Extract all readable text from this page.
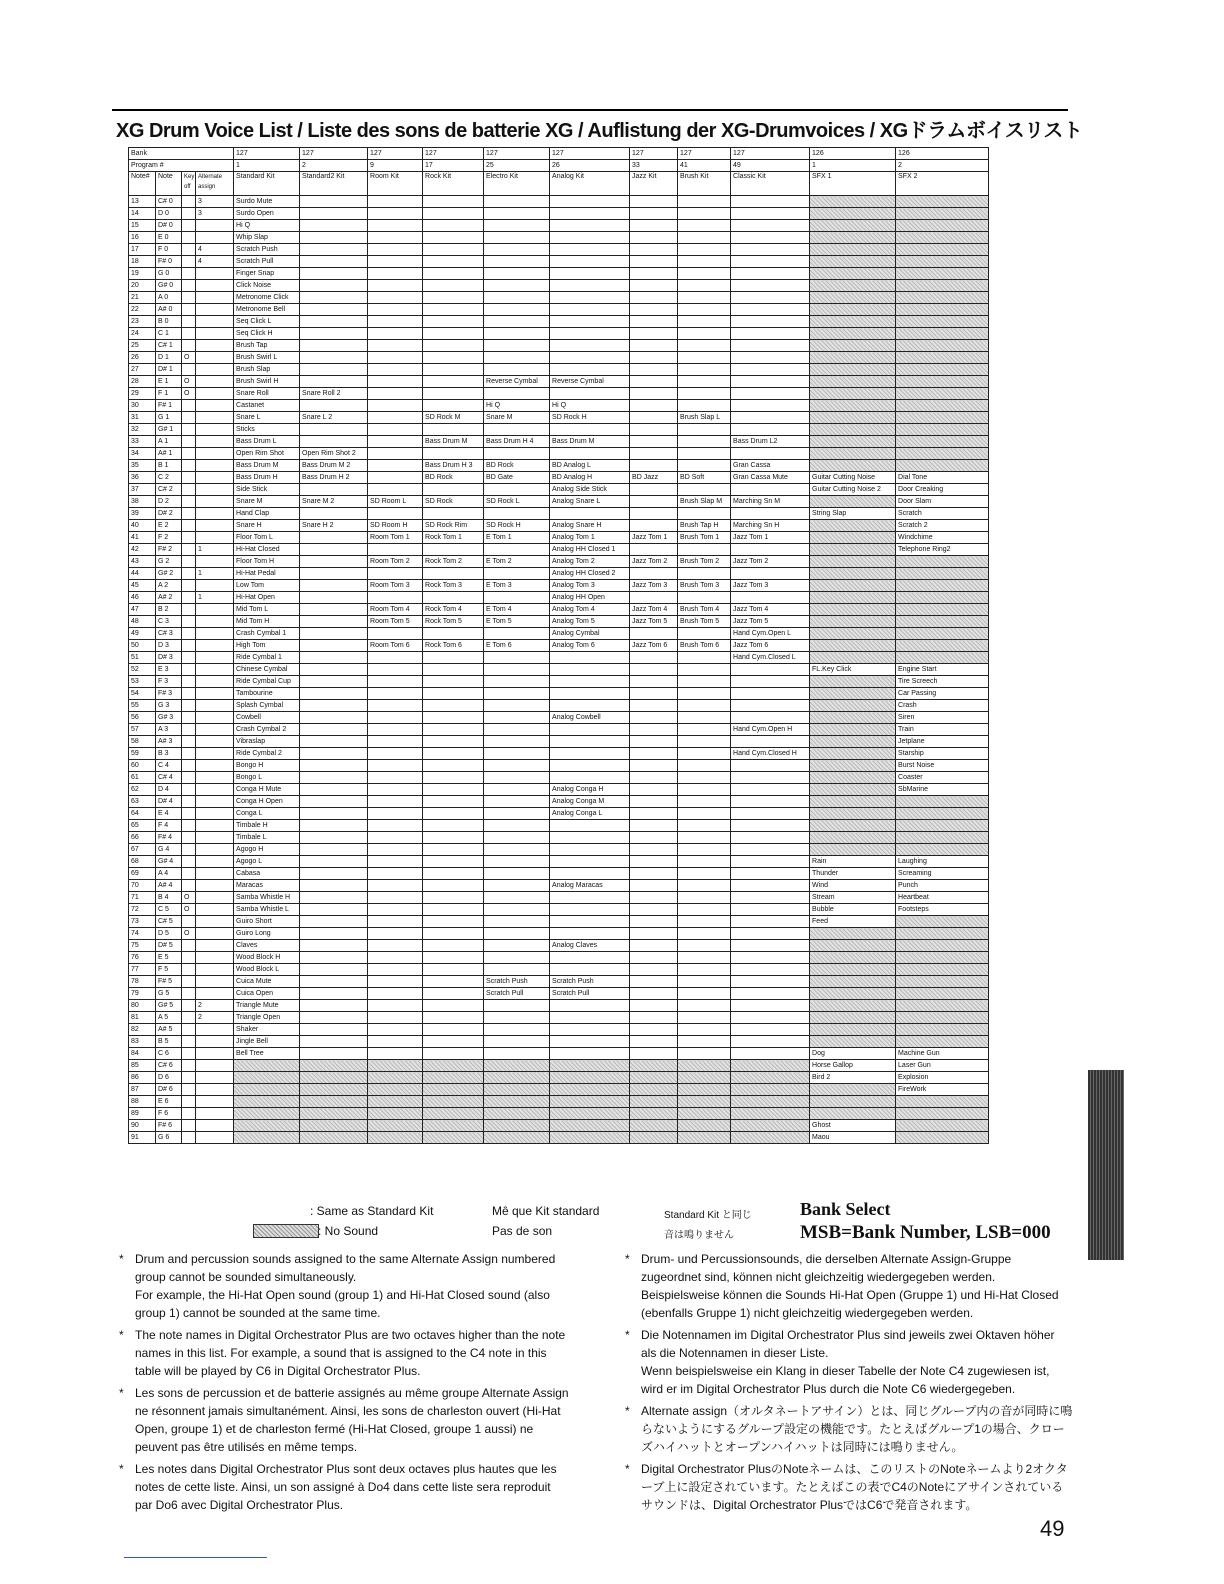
XG Drum Voice List / Liste des sons de batterie XG / Auflistung der XG-Drumvoices / XGドラムボイスリスト
Bank				127	127	127	127	127	127	127	127	127	126	126
Program #				1	2	9	17	25	26	33	41	49	1	2
Note#	Note	Key off	Alternate assign	Standard Kit	Standard2 Kit	Room Kit	Rock Kit	Electro Kit	Analog Kit	Jazz Kit	Brush Kit	Classic Kit	SFX 1	SFX 2
13	C# 0		3	Surdo Mute										
14	D 0		3	Surdo Open										
15	D# 0			Hi Q										
16	E 0			Whip Slap										
17	F 0		4	Scratch Push										
18	F# 0		4	Scratch Pull										
19	G 0			Finger Snap										
20	G# 0			Click Noise										
21	A 0			Metronome Click										
22	A# 0			Metronome Bell										
23	B 0			Seq Click L										
24	C 1			Seq Click H										
25	C# 1			Brush Tap										
26	D 1	O		Brush Swirl L										
27	D# 1			Brush Slap										
28	E 1	O		Brush Swirl H				Reverse Cymbal	Reverse Cymbal					
29	F 1	O		Snare Roll	Snare Roll 2									
30	F# 1			Castanet				Hi Q	Hi Q					
31	G 1			Snare L	Snare L 2		SD Rock M	Snare M	SD Rock H		Brush Slap L			
32	G# 1			Sticks										
33	A 1			Bass Drum L			Bass Drum M	Bass Drum H 4	Bass Drum M			Bass Drum L2		
34	A# 1			Open Rim Shot	Open Rim Shot 2									
35	B 1			Bass Drum M	Bass Drum M 2		Bass Drum H 3	BD Rock	BD Analog L			Gran Cassa		
36	C 2			Bass Drum H	Bass Drum H 2		BD Rock	BD Gate	BD Analog H	BD Jazz	BD Soft	Gran Cassa Mute	Guitar Cutting Noise	Dial Tone
37	C# 2			Side Stick					Analog Side Stick				Guitar Cutting Noise 2	Door Creaking
38	D 2			Snare M	Snare M 2	SD Room L	SD Rock	SD Rock L	Analog Snare L		Brush Slap M	Marching Sn M		Door Slam
39	D# 2			Hand Clap									String Slap	Scratch
40	E 2			Snare H	Snare H 2	SD Room H	SD Rock Rim	SD Rock H	Analog Snare H		Brush Tap H	Marching Sn H		Scratch 2
41	F 2			Floor Tom L		Room Tom 1	Rock Tom 1	E Tom 1	Analog Tom 1	Jazz Tom 1	Brush Tom 1	Jazz Tom 1		Windchime
42	F# 2		1	Hi-Hat Closed					Analog HH Closed 1					Telephone Ring2
43	G 2			Floor Tom H		Room Tom 2	Rock Tom 2	E Tom 2	Analog Tom 2	Jazz Tom 2	Brush Tom 2	Jazz Tom 2		
44	G# 2		1	Hi-Hat Pedal					Analog HH Closed 2					
45	A 2			Low Tom		Room Tom 3	Rock Tom 3	E Tom 3	Analog Tom 3	Jazz Tom 3	Brush Tom 3	Jazz Tom 3		
46	A# 2		1	Hi-Hat Open					Analog HH Open					
47	B 2			Mid Tom L		Room Tom 4	Rock Tom 4	E Tom 4	Analog Tom 4	Jazz Tom 4	Brush Tom 4	Jazz Tom 4		
48	C 3			Mid Tom H		Room Tom 5	Rock Tom 5	E Tom 5	Analog Tom 5	Jazz Tom 5	Brush Tom 5	Jazz Tom 5		
49	C# 3			Crash Cymbal 1					Analog Cymbal			Hand Cym.Open L		
50	D 3			High Tom		Room Tom 6	Rock Tom 6	E Tom 6	Analog Tom 6	Jazz Tom 6	Brush Tom 6	Jazz Tom 6		
51	D# 3			Ride Cymbal 1								Hand Cym.Closed L		
52	E 3			Chinese Cymbal									FL.Key Click	Engine Start
53	F 3			Ride Cymbal Cup										Tire Screech
54	F# 3			Tambourine										Car Passing
55	G 3			Splash Cymbal										Crash
56	G# 3			Cowbell					Analog Cowbell					Siren
57	A 3			Crash Cymbal 2								Hand Cym.Open H		Train
58	A# 3			Vibraslap										Jetplane
59	B 3			Ride Cymbal 2								Hand Cym.Closed H		Starship
60	C 4			Bongo H										Burst Noise
61	C# 4			Bongo L										Coaster
62	D 4			Conga H Mute					Analog Conga H					SbMarine
63	D# 4			Conga H Open					Analog Conga M					
64	E 4			Conga L					Analog Conga L					
65	F 4			Timbale H										
66	F# 4			Timbale L										
67	G 4			Agogo H										
68	G# 4			Agogo L									Rain	Laughing
69	A 4			Cabasa									Thunder	Screaming
70	A# 4			Maracas					Analog Maracas				Wind	Punch
71	B 4	O		Samba Whistle H									Stream	Heartbeat
72	C 5	O		Samba Whistle L									Bubble	Footsteps
73	C# 5			Guiro Short									Feed	
74	D 5	O		Guiro Long										
75	D# 5			Claves					Analog Claves					
76	E 5			Wood Block H										
77	F 5			Wood Block L										
78	F# 5			Cuica Mute				Scratch Push	Scratch Push					
79	G 5			Cuica Open				Scratch Pull	Scratch Pull					
80	G# 5		2	Triangle Mute										
81	A 5		2	Triangle Open										
82	A# 5			Shaker										
83	B 5			Jingle Bell										
84	C 6			Bell Tree									Dog	Machine Gun
85	C# 6												Horse Gallop	Laser Gun
86	D 6												Bird 2	Explosion
87	D# 6													FireWork
88	E 6													
89	F 6													
90	F# 6												Ghost	
91	G 6												Maou	
: Same as Standard Kit	Mê que Kit standard	Standard Kit と同じ
: No Sound	Pas de son	音は鳴りません
Bank Select
MSB=Bank Number, LSB=000

* Drum and percussion sounds assigned to the same Alternate Assign numbered group cannot be sounded simultaneously.

For example, the Hi-Hat Open sound (group 1) and Hi-Hat Closed sound (also group 1) cannot be sounded at the same time.

* The note names in Digital Orchestrator Plus are two octaves higher than the note names in this list. For example, a sound that is assigned to the C4 note in this table will be played by C6 in Digital Orchestrator Plus.

* Les sons de percussion et de batterie assignés au même groupe Alternate Assign ne résonnent jamais simultanément. Ainsi, les sons de charleston ouvert (Hi-Hat Open, groupe 1) et de charleston fermé (Hi-Hat Closed, groupe 1 aussi) ne peuvent pas être utilisés en même temps.

* Les notes dans Digital Orchestrator Plus sont deux octaves plus hautes que les notes de cette liste. Ainsi, un son assigné à Do4 dans cette liste sera reproduit par Do6 avec Digital Orchestrator Plus.

* Drum- und Percussionsounds, die derselben Alternate Assign-Gruppe zugeordnet sind, können nicht gleichzeitig wiedergegeben werden.

Beispielsweise können die Sounds Hi-Hat Open (Gruppe 1) und Hi-Hat Closed (ebenfalls Gruppe 1) nicht gleichzeitig wiedergegeben werden.

* Die Notennamen im Digital Orchestrator Plus sind jeweils zwei Oktaven höher als die Notennamen in dieser Liste.

Wenn beispielsweise ein Klang in dieser Tabelle der Note C4 zugewiesen ist, wird er im Digital Orchestrator Plus durch die Note C6 wiedergegeben.

* Alternate assign（オルタネートアサイン）とは、同じグループ内の音が同時に鳴らないようにするグループ設定の機能です。たとえばグループ1の場合、クローズハイハットとオープンハイハットは同時には鳴りません。

* Digital Orchestrator PlusのNoteネームは、このリストのNoteネームより2オクターブ上に設定されています。たとえばこの表でC4のNoteにアサインされているサウンドは、Digital Orchestrator PlusではC6で発音されます。

49
